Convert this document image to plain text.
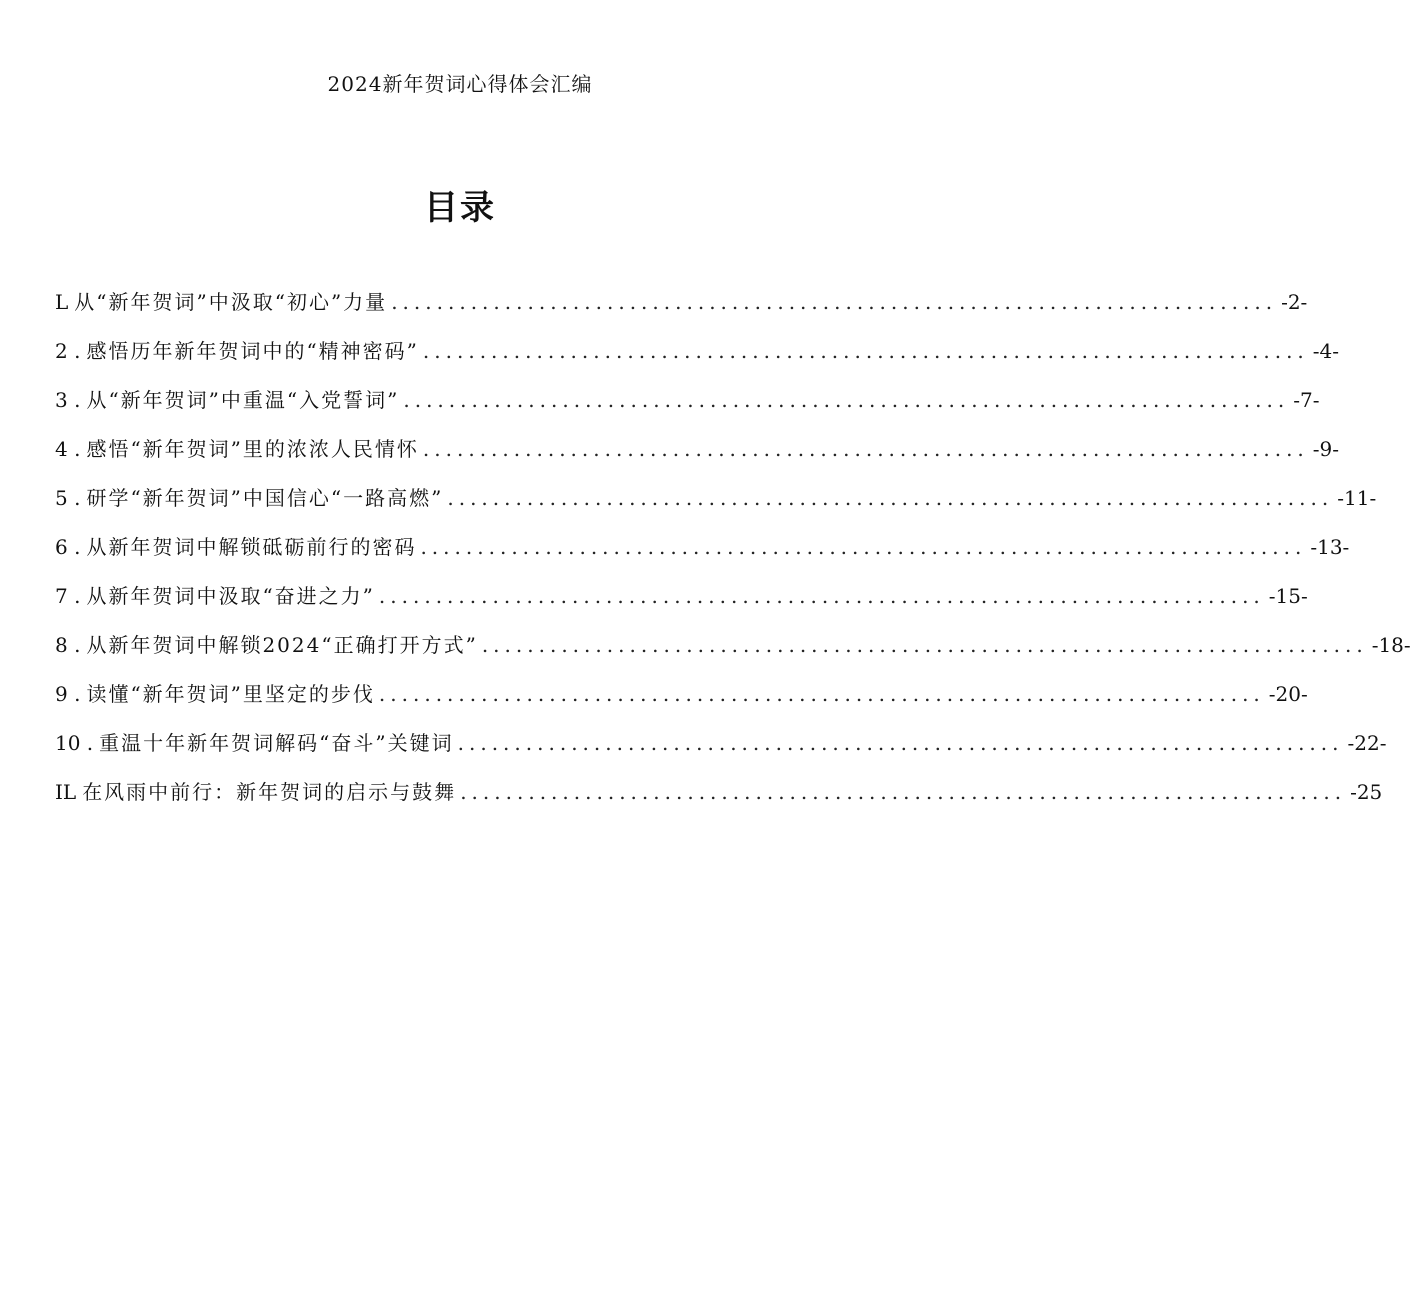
2024新年贺词心得体会汇编
目录
L 从“新年贺词”中汲取“初心”力量 .............................................................................. -2-
2 . 感悟历年新年贺词中的“精神密码” .............................................................................. -4-
3 . 从“新年贺词”中重温“入党誓词” .............................................................................. -7-
4 . 感悟“新年贺词”里的浓浓人民情怀 .............................................................................. -9-
5 . 研学“新年贺词”中国信心“一路高燃” .............................................................................. -11-
6 . 从新年贺词中解锁砥砺前行的密码 .............................................................................. -13-
7 . 从新年贺词中汲取“奋进之力” .............................................................................. -15-
8 . 从新年贺词中解锁2024“正确打开方式” .............................................................................. -18-
9 . 读懂“新年贺词”里坚定的步伐 .............................................................................. -20-
10 . 重温十年新年贺词解码“奋斗”关键词 .............................................................................. -22-
IL 在风雨中前行：新年贺词的启示与鼓舞 .............................................................................. -25
